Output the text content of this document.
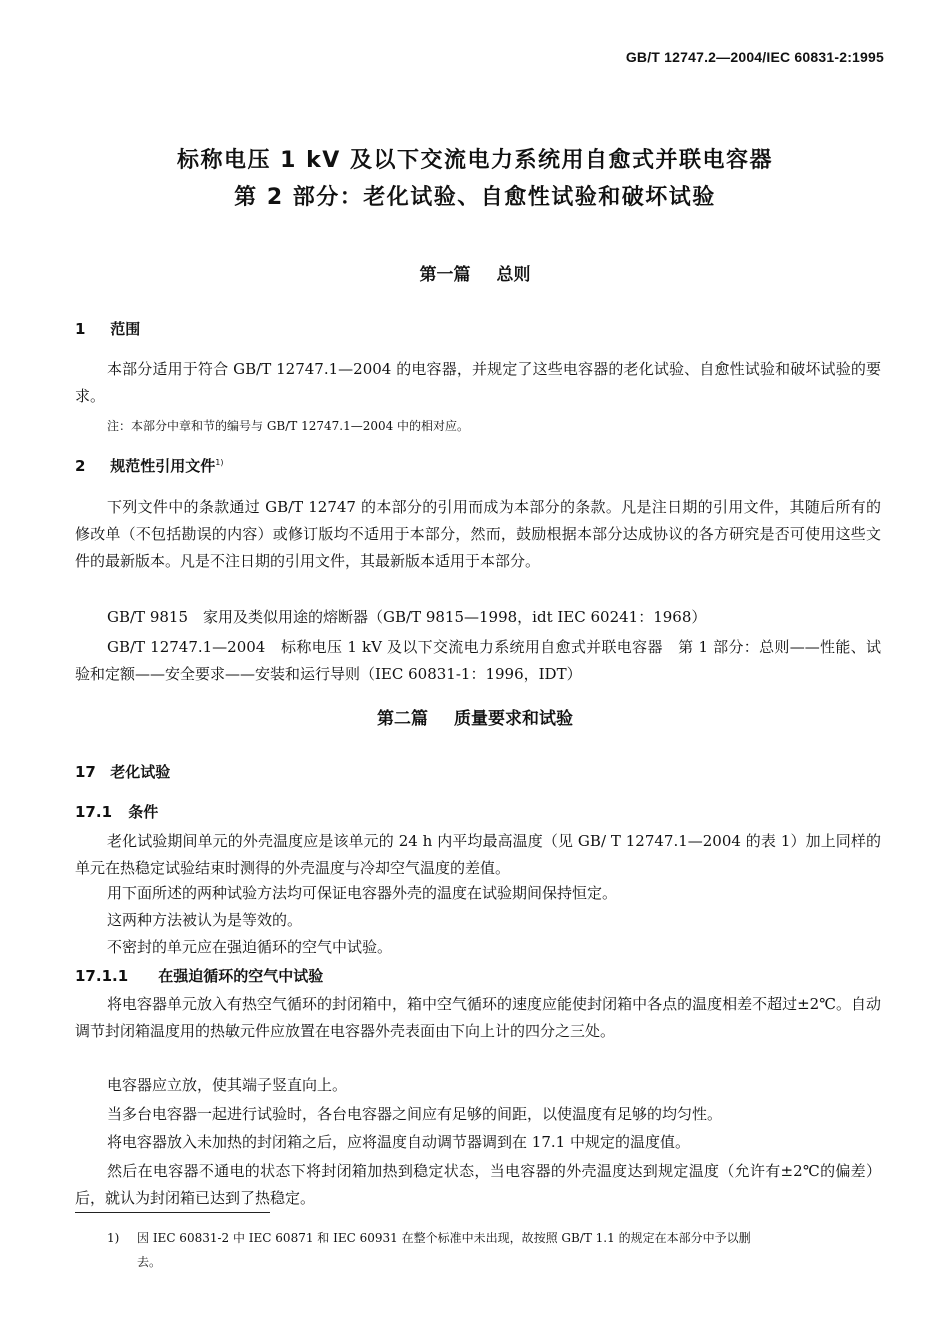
GB/T 12747.2—2004/IEC 60831-2:1995
标称电压 1 kV 及以下交流电力系统用自愈式并联电容器
第 2 部分：老化试验、自愈性试验和破坏试验
第一篇 总则
1 范围
本部分适用于符合 GB/T 12747.1—2004 的电容器，并规定了这些电容器的老化试验、自愈性试验和破坏试验的要求。
注：本部分中章和节的编号与 GB/T 12747.1—2004 中的相对应。
2 规范性引用文件$^{1)}$
下列文件中的条款通过 GB/T 12747 的本部分的引用而成为本部分的条款。凡是注日期的引用文件，其随后所有的修改单（不包括勘误的内容）或修订版均不适用于本部分，然而，鼓励根据本部分达成协议的各方研究是否可使用这些文件的最新版本。凡是不注日期的引用文件，其最新版本适用于本部分。
GB/T 9815　家用及类似用途的熔断器（GB/T 9815—1998，idt IEC 60241：1968）
GB/T 12747.1—2004　标称电压 1 kV 及以下交流电力系统用自愈式并联电容器　第 1 部分：总则——性能、试验和定额——安全要求——安装和运行导则（IEC 60831-1：1996，IDT）
第二篇 质量要求和试验
17 老化试验
17.1 条件
老化试验期间单元的外壳温度应是该单元的 24 h 内平均最高温度（见 GB/ T 12747.1—2004 的表 1）加上同样的单元在热稳定试验结束时测得的外壳温度与冷却空气温度的差值。
用下面所述的两种试验方法均可保证电容器外壳的温度在试验期间保持恒定。
这两种方法被认为是等效的。
不密封的单元应在强迫循环的空气中试验。
17.1.1 在强迫循环的空气中试验
将电容器单元放入有热空气循环的封闭箱中，箱中空气循环的速度应能使封闭箱中各点的温度相差不超过±2℃。自动调节封闭箱温度用的热敏元件应放置在电容器外壳表面由下向上计的四分之三处。
电容器应立放，使其端子竖直向上。
当多台电容器一起进行试验时，各台电容器之间应有足够的间距，以使温度有足够的均匀性。
将电容器放入未加热的封闭箱之后，应将温度自动调节器调到在 17.1 中规定的温度值。
然后在电容器不通电的状态下将封闭箱加热到稳定状态，当电容器的外壳温度达到规定温度（允许有±2℃的偏差）后，就认为封闭箱已达到了热稳定。
1) 因 IEC 60831-2 中 IEC 60871 和 IEC 60931 在整个标准中未出现，故按照 GB/T 1.1 的规定在本部分中予以删
去。
